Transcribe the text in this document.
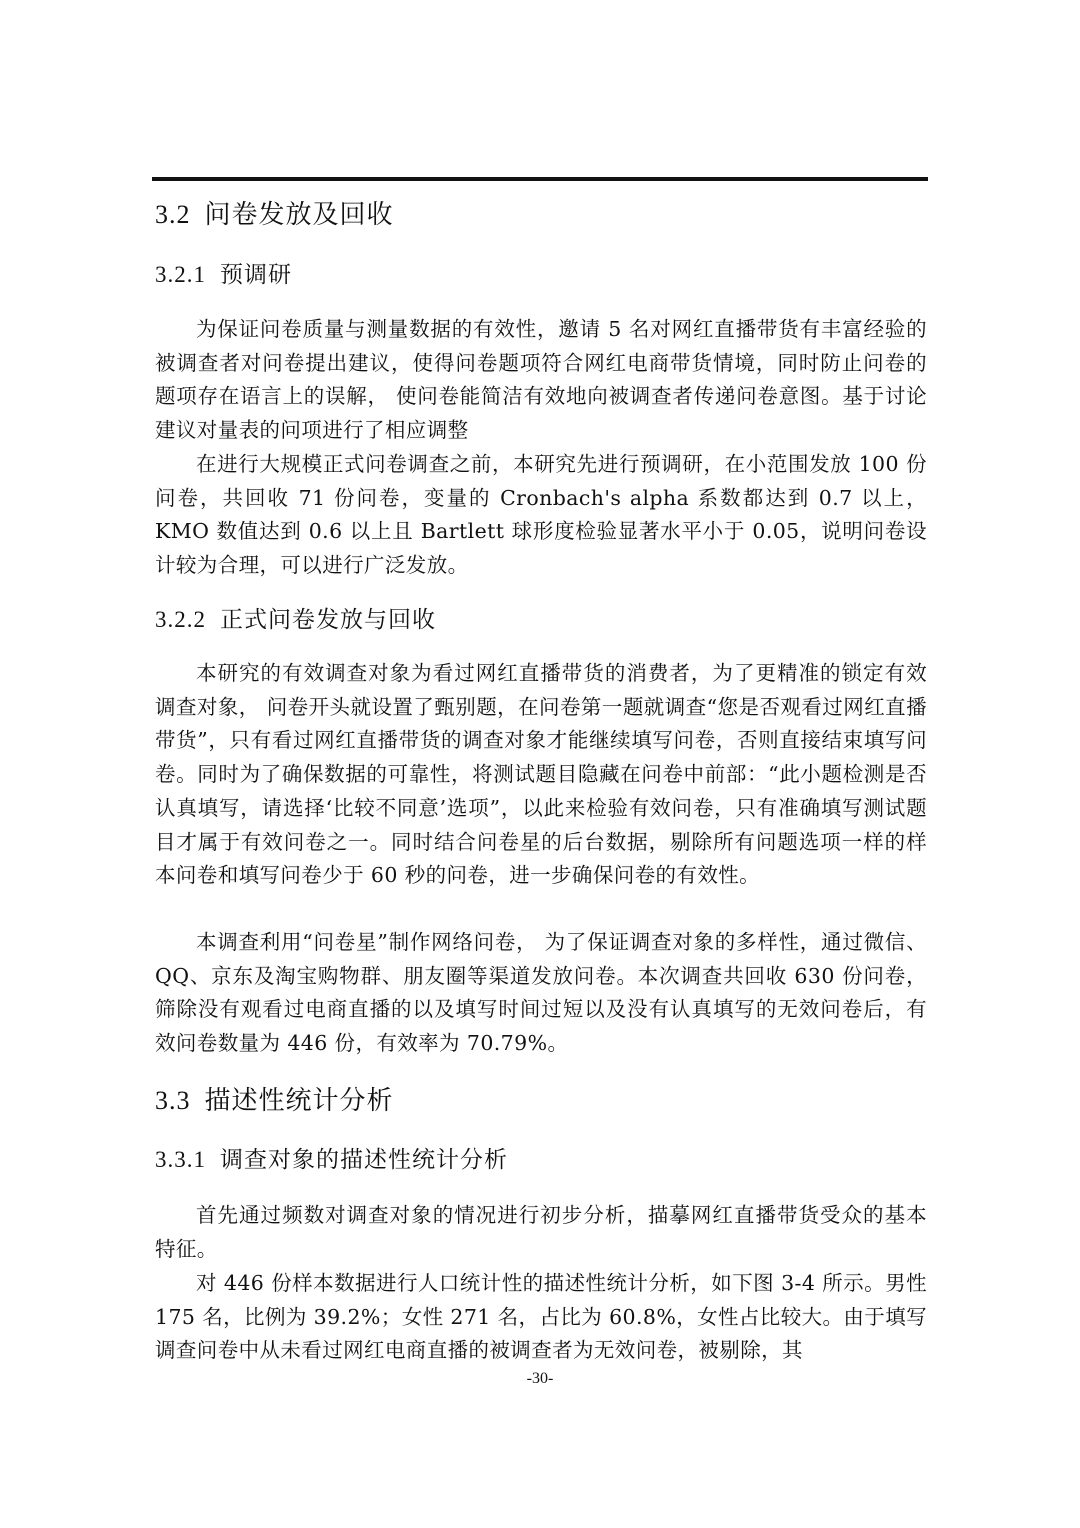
3.2 问卷发放及回收
3.2.1 预调研

为保证问卷质量与测量数据的有效性，邀请 5 名对网红直播带货有丰富经验的被调查者对问卷提出建议，使得问卷题项符合网红电商带货情境，同时防止问卷的题项存在语言上的误解， 使问卷能简洁有效地向被调查者传递问卷意图。基于讨论建议对量表的问项进行了相应调整

在进行大规模正式问卷调查之前，本研究先进行预调研，在小范围发放 100 份问卷，共回收 71 份问卷，变量的 Cronbach's alpha 系数都达到 0.7 以上，KMO 数值达到 0.6 以上且 Bartlett 球形度检验显著水平小于 0.05，说明问卷设计较为合理，可以进行广泛发放。

3.2.2 正式问卷发放与回收

本研究的有效调查对象为看过网红直播带货的消费者，为了更精准的锁定有效调查对象， 问卷开头就设置了甄别题，在问卷第一题就调查“您是否观看过网红直播带货”，只有看过网红直播带货的调查对象才能继续填写问卷，否则直接结束填写问卷。同时为了确保数据的可靠性，将测试题目隐藏在问卷中前部：“此小题检测是否认真填写，请选择‘比较不同意’选项”，以此来检验有效问卷，只有准确填写测试题目才属于有效问卷之一。同时结合问卷星的后台数据，剔除所有问题选项一样的样本问卷和填写问卷少于 60 秒的问卷，进一步确保问卷的有效性。

本调查利用“问卷星”制作网络问卷， 为了保证调查对象的多样性，通过微信、QQ、京东及淘宝购物群、朋友圈等渠道发放问卷。本次调查共回收 630 份问卷，筛除没有观看过电商直播的以及填写时间过短以及没有认真填写的无效问卷后，有效问卷数量为 446 份，有效率为 70.79%。

3.3 描述性统计分析
3.3.1 调查对象的描述性统计分析

首先通过频数对调查对象的情况进行初步分析，描摹网红直播带货受众的基本特征。

对 446 份样本数据进行人口统计性的描述性统计分析，如下图 3-4 所示。男性 175 名，比例为 39.2%；女性 271 名，占比为 60.8%，女性占比较大。由于填写调查问卷中从未看过网红电商直播的被调查者为无效问卷，被剔除，其

-30-
